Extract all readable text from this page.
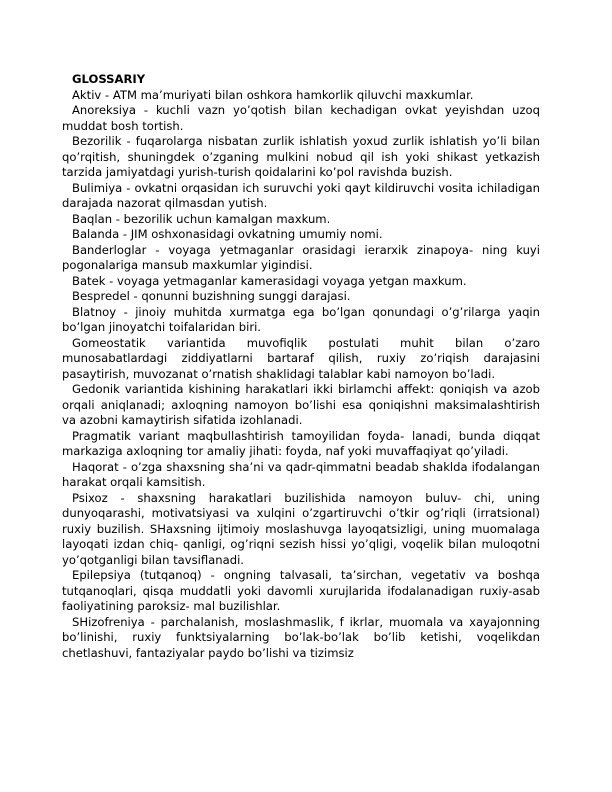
GLOSSARIY

Aktiv - ATM ma’muriyati bilan oshkora hamkorlik qiluvchi maxkumlar.

Anoreksiya - kuchli vazn yo’qotish bilan kechadigan ovkat yeyishdan uzoq muddat bosh tortish.

Bezorilik - fuqarolarga nisbatan zurlik ishlatish yoxud zurlik ishlatish yo’li bilan qo’rqitish, shuningdek o’zganing mulkini nobud qil ish yoki shikast yetkazish tarzida jamiyatdagi yurish-turish qoidalarini ko’pol ravishda buzish.

Bulimiya - ovkatni orqasidan ich suruvchi yoki qayt kildiruvchi vosita ichiladigan darajada nazorat qilmasdan yutish.

Baqlan - bezorilik uchun kamalgan maxkum.

Balanda - JIM oshxonasidagi ovkatning umumiy nomi.

Banderloglar - voyaga yetmaganlar orasidagi ierarxik zinapoya- ning kuyi pogonalariga mansub maxkumlar yigindisi.

Batek - voyaga yetmaganlar kamerasidagi voyaga yetgan maxkum.

Bespredel - qonunni buzishning sunggi darajasi.

Blatnoy - jinoiy muhitda xurmatga ega bo’lgan qonundagi o’g’rilarga yaqin bo’lgan jinoyatchi toifalaridan biri.

Gomeostatik variantida muvofiqlik postulati muhit bilan o’zaro munosabatlardagi ziddiyatlarni bartaraf qilish, ruxiy zo’riqish darajasini pasaytirish, muvozanat o’rnatish shaklidagi talablar kabi namoyon bo’ladi.

Gedonik variantida kishining harakatlari ikki birlamchi affekt: qoniqish va azob orqali aniqlanadi; axloqning namoyon bo’lishi esa qoniqishni maksimalashtirish va azobni kamaytirish sifatida izohlanadi.

Pragmatik variant maqbullashtirish tamoyilidan foyda- lanadi, bunda diqqat markaziga axloqning tor amaliy jihati: foyda, naf yoki muvaffaqiyat qo’yiladi.

Haqorat - o’zga shaxsning sha’ni va qadr-qimmatni beadab shaklda ifodalangan harakat orqali kamsitish.

Psixoz - shaxsning harakatlari buzilishida namoyon buluv- chi, uning dunyoqarashi, motivatsiyasi va xulqini o’zgartiruvchi o’tkir og’riqli (irratsional) ruxiy buzilish. SHaxsning ijtimoiy moslashuvga layoqatsizligi, uning muomalaga layoqati izdan chiq- qanligi, og’riqni sezish hissi yo’qligi, voqelik bilan muloqotni yo’qotganligi bilan tavsiflanadi.

Epilepsiya (tutqanoq) - ongning talvasali, ta’sirchan, vegetativ va boshqa tutqanoqlari, qisqa muddatli yoki davomli xurujlarida ifodalanadigan ruxiy-asab faoliyatining paroksiz- mal buzilishlar.

SHizofreniya - parchalanish, moslashmaslik, f ikrlar, muomala va xayajonning bo’linishi, ruxiy funktsiyalarning bo’lak-bo’lak bo’lib ketishi, voqelikdan chetlashuvi, fantaziyalar paydo bo’lishi va tizimsiz
